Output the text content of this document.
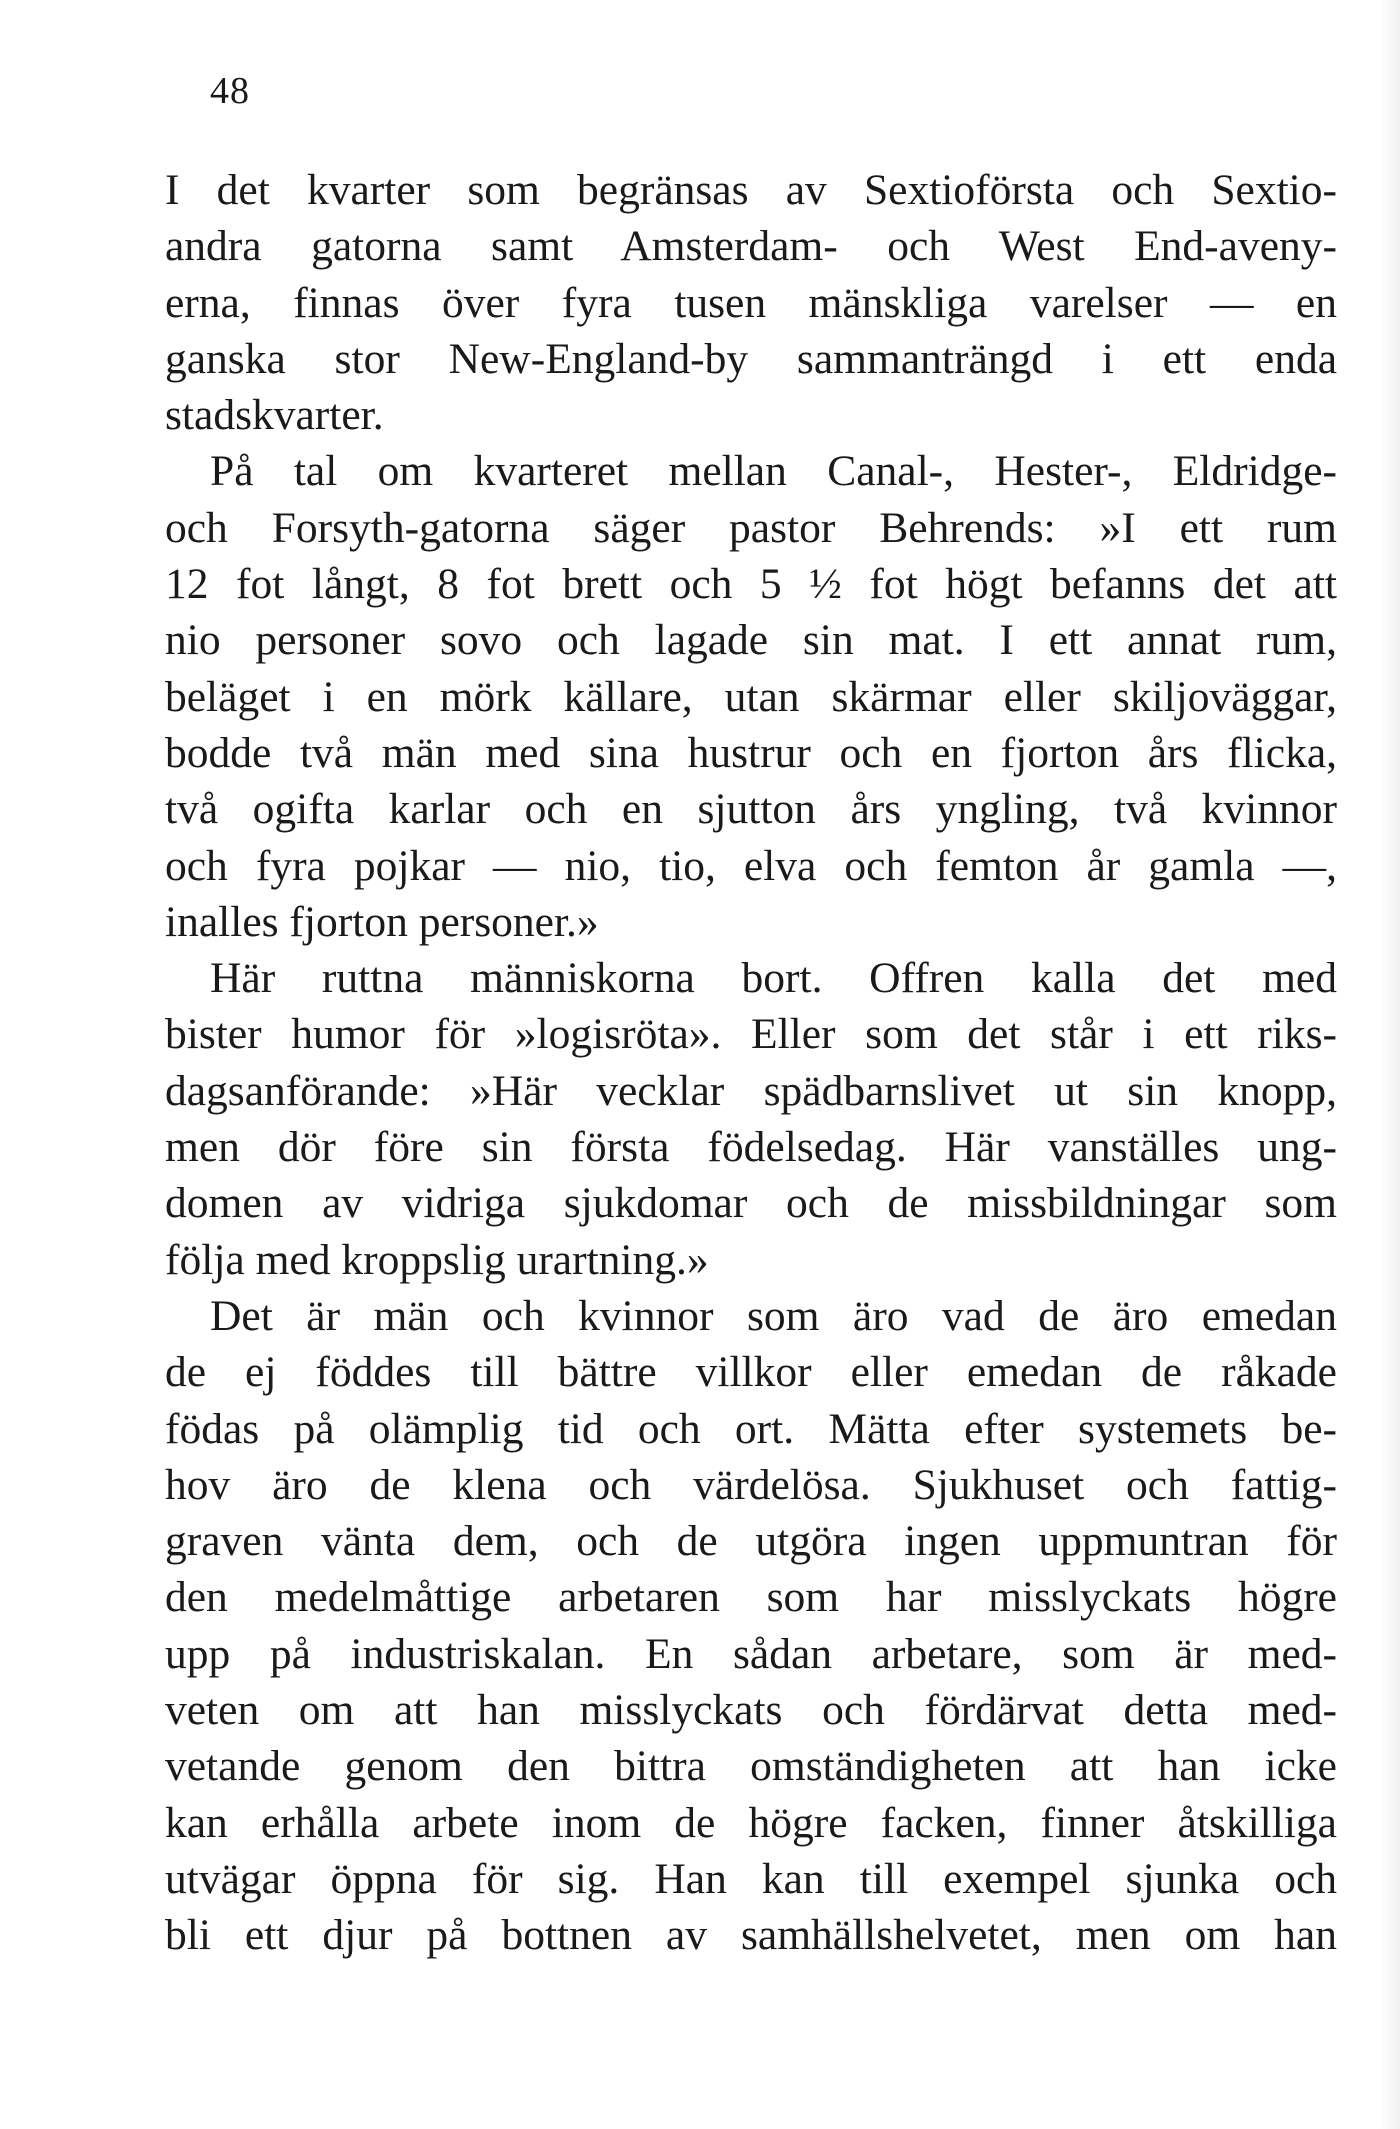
48
I det kvarter som begränsas av Sextioförsta och Sextio-
andra gatorna samt Amsterdam- och West End-aveny-
erna, finnas över fyra tusen mänskliga varelser — en
ganska stor New-England-by sammanträngd i ett enda
stadskvarter.
På tal om kvarteret mellan Canal-, Hester-, Eldridge-
och Forsyth-gatorna säger pastor Behrends: »I ett rum
12 fot långt, 8 fot brett och 5 ½ fot högt befanns det att
nio personer sovo och lagade sin mat. I ett annat rum,
beläget i en mörk källare, utan skärmar eller skiljoväggar,
bodde två män med sina hustrur och en fjorton års flicka,
två ogifta karlar och en sjutton års yngling, två kvinnor
och fyra pojkar — nio, tio, elva och femton år gamla —,
inalles fjorton personer.»
Här ruttna människorna bort. Offren kalla det med
bister humor för »logisröta». Eller som det står i ett riks-
dagsanförande: »Här vecklar spädbarnslivet ut sin knopp,
men dör före sin första födelsedag. Här vanställes ung-
domen av vidriga sjukdomar och de missbildningar som
följa med kroppslig urartning.»
Det är män och kvinnor som äro vad de äro emedan
de ej föddes till bättre villkor eller emedan de råkade
födas på olämplig tid och ort. Mätta efter systemets be-
hov äro de klena och värdelösa. Sjukhuset och fattig-
graven vänta dem, och de utgöra ingen uppmuntran för
den medelmåttige arbetaren som har misslyckats högre
upp på industriskalan. En sådan arbetare, som är med-
veten om att han misslyckats och fördärvat detta med-
vetande genom den bittra omständigheten att han icke
kan erhålla arbete inom de högre facken, finner åtskilliga
utvägar öppna för sig. Han kan till exempel sjunka och
bli ett djur på bottnen av samhällshelvetet, men om han
